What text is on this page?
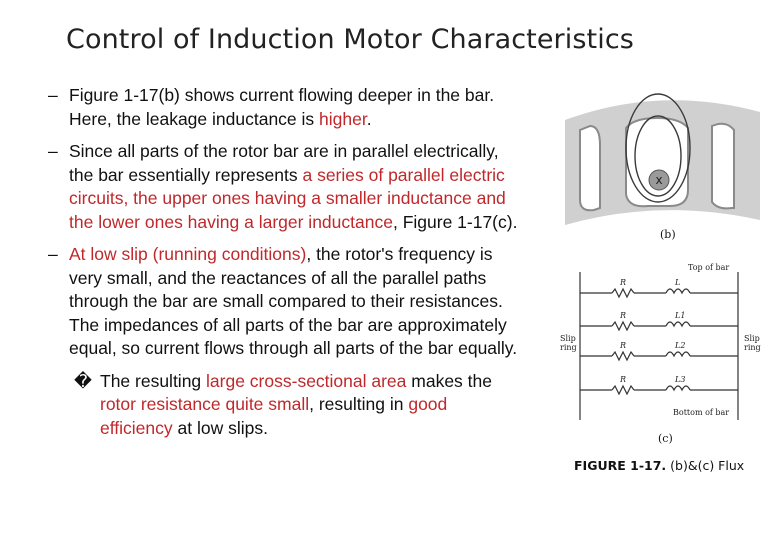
Control of Induction Motor Characteristics
– Figure 1-17(b) shows current flowing deeper in the bar. Here, the leakage inductance is higher.
– Since all parts of the rotor bar are in parallel electrically, the bar essentially represents a series of parallel electric circuits, the upper ones having a smaller inductance and the lower ones having a larger inductance, Figure 1-17(c).
– At low slip (running conditions), the rotor's frequency is very small, and the reactances of all the parallel paths through the bar are small compared to their resistances. The impedances of all parts of the bar are approximately equal, so current flows through all parts of the bar equally.
� The resulting large cross-sectional area makes the rotor resistance quite small, resulting in good efficiency at low slips.
x
(b)
Top of bar
R	L
R	L1
R	L2
R	L3
Bottom of bar
Slip ring
Slip ring
(c)
FIGURE 1-17. (b)&(c) Flux
